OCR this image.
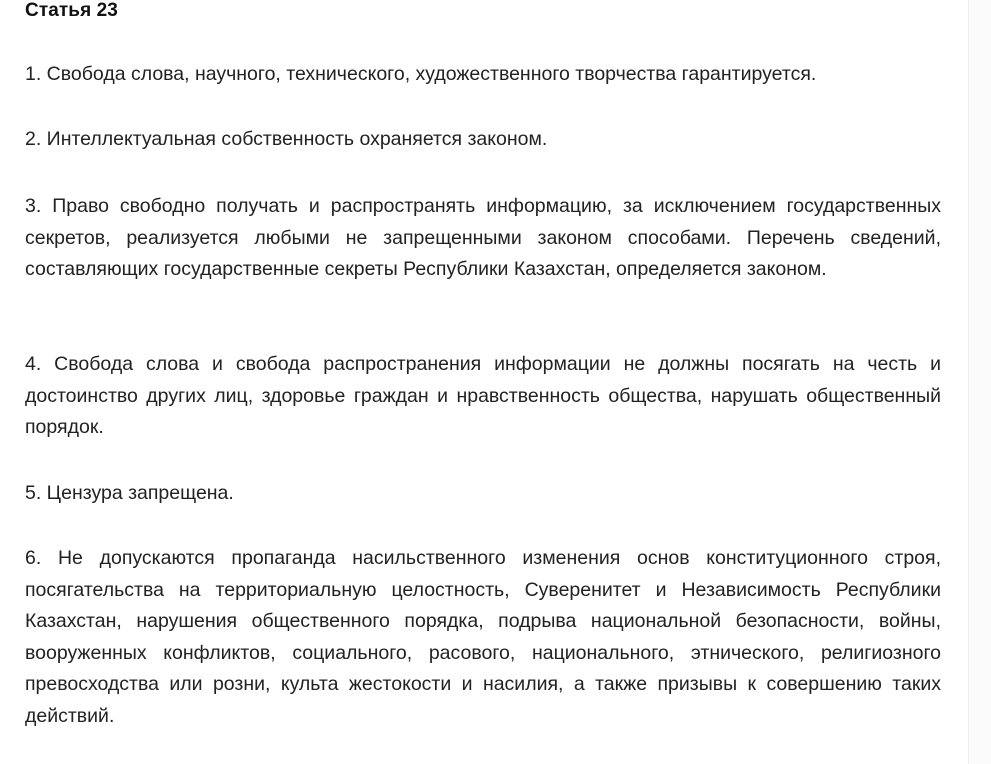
Статья 23

1. Свобода слова, научного, технического, художественного творчества гарантируется.

2. Интеллектуальная собственность охраняется законом.

3. Право свободно получать и распространять информацию, за исключением государственных секретов, реализуется любыми не запрещенными законом способами. Перечень сведений, составляющих государственные секреты Республики Казахстан, определяется законом.

4. Свобода слова и свобода распространения информации не должны посягать на честь и достоинство других лиц, здоровье граждан и нравственность общества, нарушать общественный порядок.

5. Цензура запрещена.

6. Не допускаются пропаганда насильственного изменения основ конституционного строя, посягательства на территориальную целостность, Суверенитет и Независимость Республики Казахстан, нарушения общественного порядка, подрыва национальной безопасности, войны, вооруженных конфликтов, социального, расового, национального, этнического, религиозного превосходства или розни, культа жестокости и насилия, а также призывы к совершению таких действий.
